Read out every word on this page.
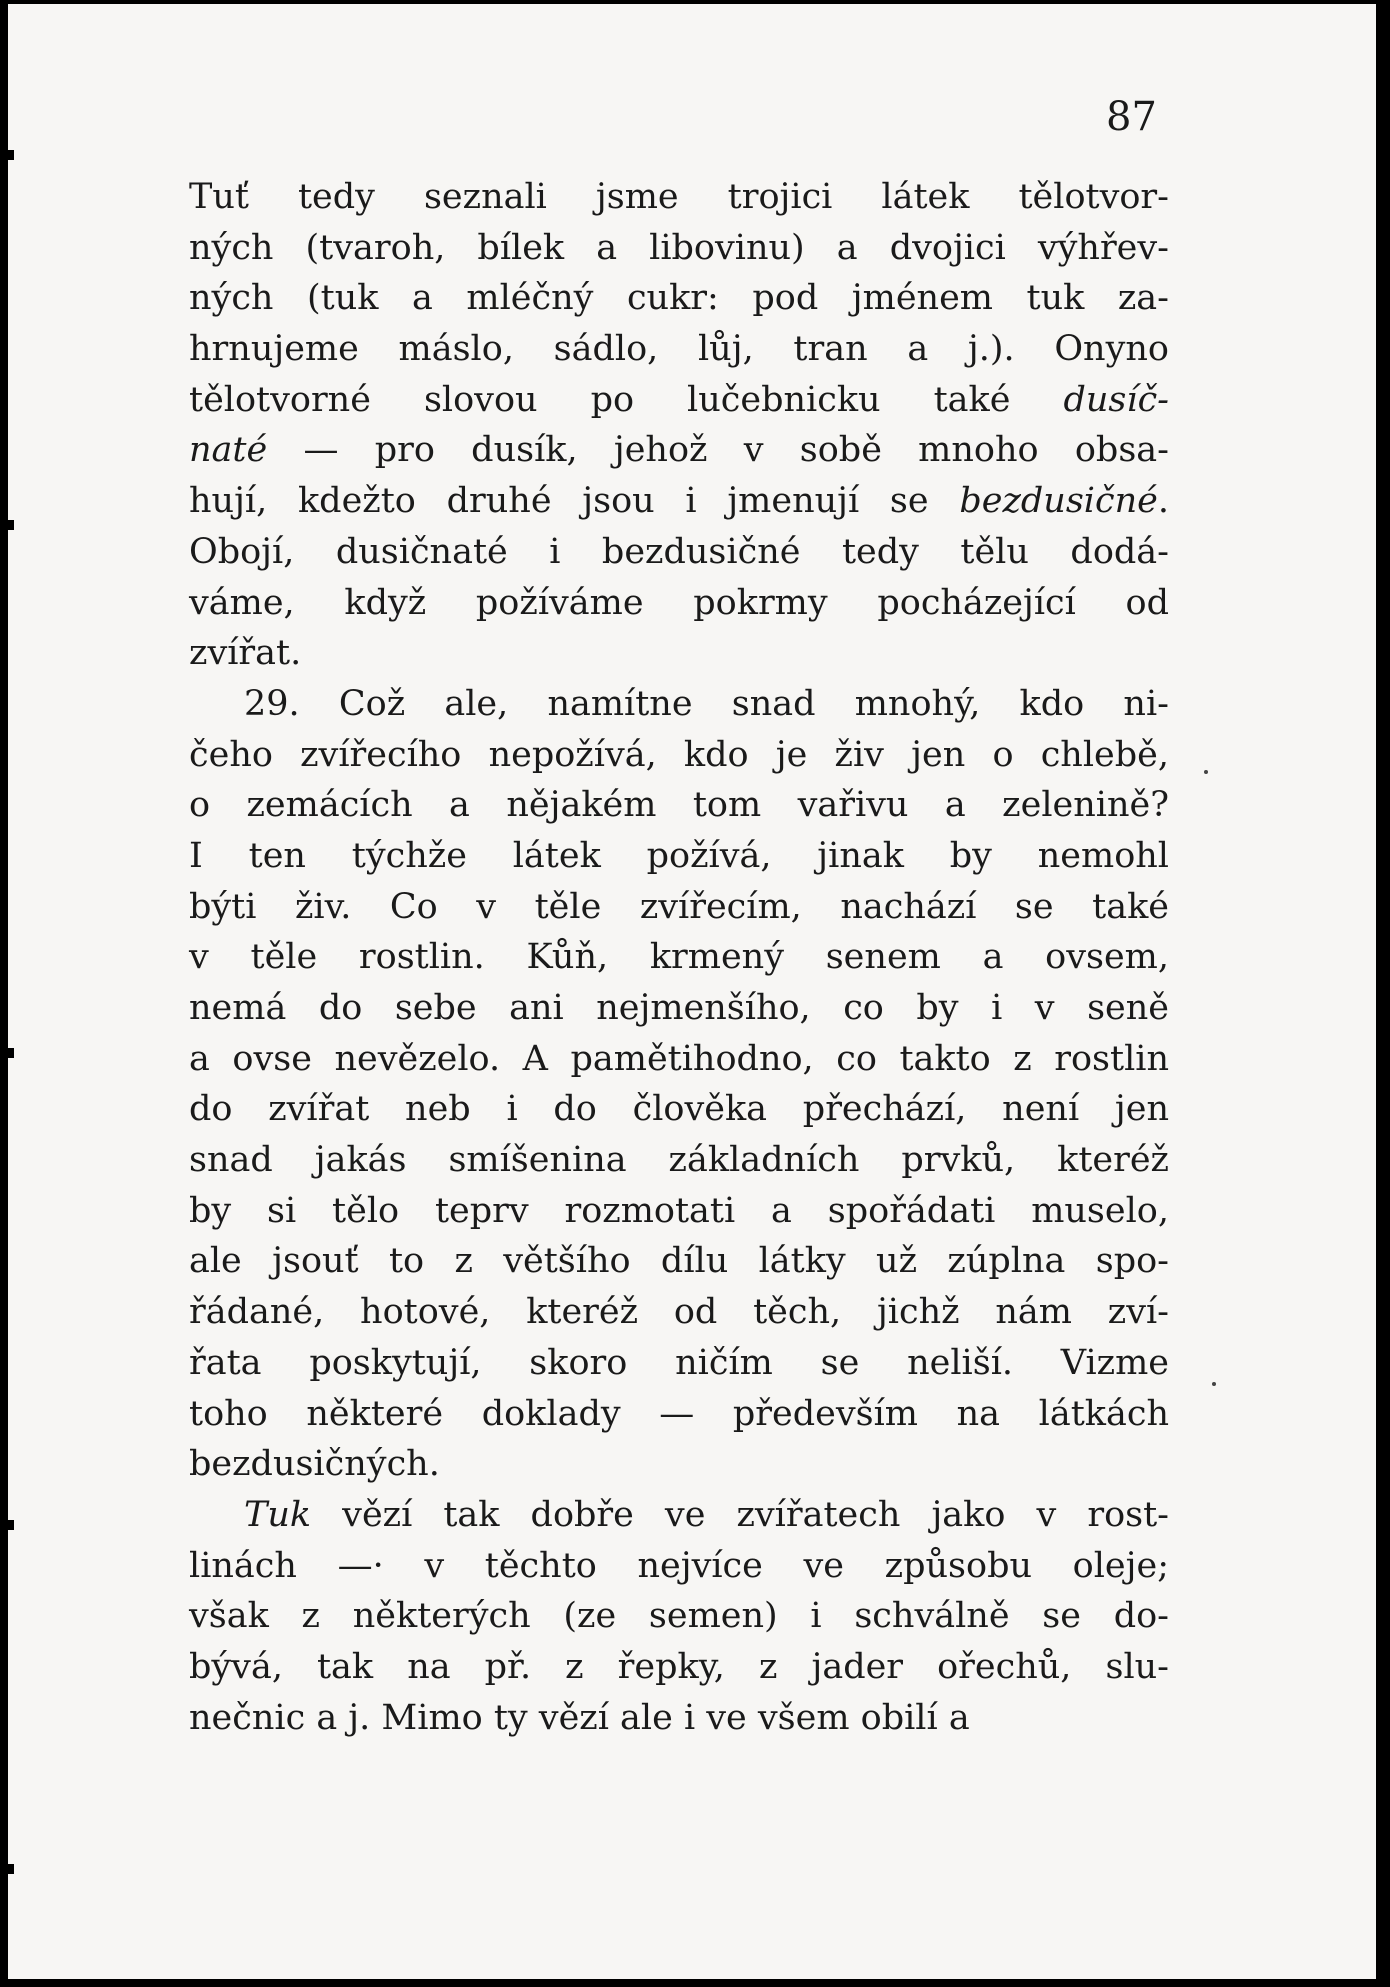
87
Tuť tedy seznali jsme trojici látek tělotvor-
ných (tvaroh, bílek a libovinu) a dvojici výhřev-
ných (tuk a mléčný cukr: pod jménem tuk za-
hrnujeme máslo, sádlo, lůj, tran a j.). Onyno
tělotvorné slovou po lučebnicku také dusíč-
naté — pro dusík, jehož v sobě mnoho obsa-
hují, kdežto druhé jsou i jmenují se bezdusičné.
Obojí, dusičnaté i bezdusičné tedy tělu dodá-
váme, když požíváme pokrmy pocházející od
zvířat.
29. Což ale, namítne snad mnohý, kdo ni-
čeho zvířecího nepožívá, kdo je živ jen o chlebě,
o zemácích a nějakém tom vařivu a zelenině?
I ten týchže látek požívá, jinak by nemohl
býti živ. Co v těle zvířecím, nachází se také
v těle rostlin. Kůň, krmený senem a ovsem,
nemá do sebe ani nejmenšího, co by i v seně
a ovse nevězelo. A pamětihodno, co takto z rostlin
do zvířat neb i do člověka přechází, není jen
snad jakás smíšenina základních prvků, kteréž
by si tělo teprv rozmotati a spořádati muselo,
ale jsouť to z většího dílu látky už zúplna spo-
řádané, hotové, kteréž od těch, jichž nám zví-
řata poskytují, skoro ničím se neliší. Vizme
toho některé doklady — především na látkách
bezdusičných.
Tuk vězí tak dobře ve zvířatech jako v rost-
linách —· v těchto nejvíce ve způsobu oleje;
však z některých (ze semen) i schválně se do-
bývá, tak na př. z řepky, z jader ořechů, slu-
nečnic a j. Mimo ty vězí ale i ve všem obilí a
